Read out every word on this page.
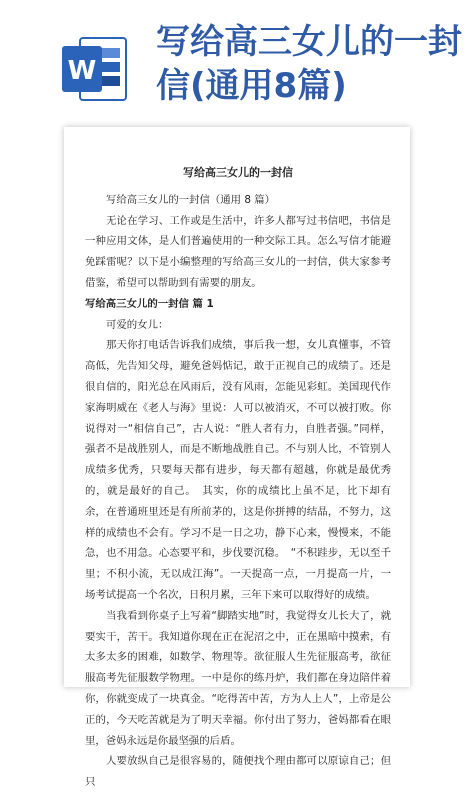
W
写给高三女儿的一封信(通用8篇)

写给高三女儿的一封信

写给高三女儿的一封信（通用 8 篇）

无论在学习、工作或是生活中，许多人都写过书信吧，书信是一种应用文体，是人们普遍使用的一种交际工具。怎么写信才能避免踩雷呢？以下是小编整理的写给高三女儿的一封信，供大家参考借鉴，希望可以帮助到有需要的朋友。

写给高三女儿的一封信 篇 1

可爱的女儿：

那天你打电话告诉我们成绩，事后我一想，女儿真懂事，不管高低，先告知父母，避免爸妈惦记，敢于正视自己的成绩了。还是很自信的，阳光总在风雨后，没有风雨，怎能见彩虹。美国现代作家海明威在《老人与海》里说：人可以被消灭，不可以被打败。你说得对一“相信自己”，古人说：“胜人者有力，自胜者强。”同样，强者不是战胜别人，而是不断地战胜自己。不与别人比，不管别人成绩多优秀，只要每天都有进步，每天都有超越，你就是最优秀的，就是最好的自己。　其实，你的成绩比上虽不足，比下却有余，在普通班里还是有所前茅的，这是你拼搏的结晶，不努力，这样的成绩也不会有。学习不是一日之功，静下心来，慢慢来，不能急，也不用急。心态要平和，步伐要沉稳。　“不积跬步，无以至千里；不积小流，无以成江海”。一天提高一点，一月提高一片，一场考试提高一个名次，日积月累，三年下来可以取得好的成绩。

当我看到你桌子上写着“脚踏实地”时，我觉得女儿长大了，就要实干，苦干。我知道你现在正在泥沼之中，正在黑暗中摸索，有太多太多的困难，如数学、物理等。欲征服人生先征服高考，欲征服高考先征服数学物理。一中是你的练丹炉，我们都在身边陪伴着你，你就变成了一块真金。“吃得苦中苦，方为人上人”，上帝是公正的，今天吃苦就是为了明天幸福。你付出了努力，爸妈都看在眼里，爸妈永远是你最坚强的后盾。

人要放纵自己是很容易的，随便找个理由都可以原谅自己；但只
